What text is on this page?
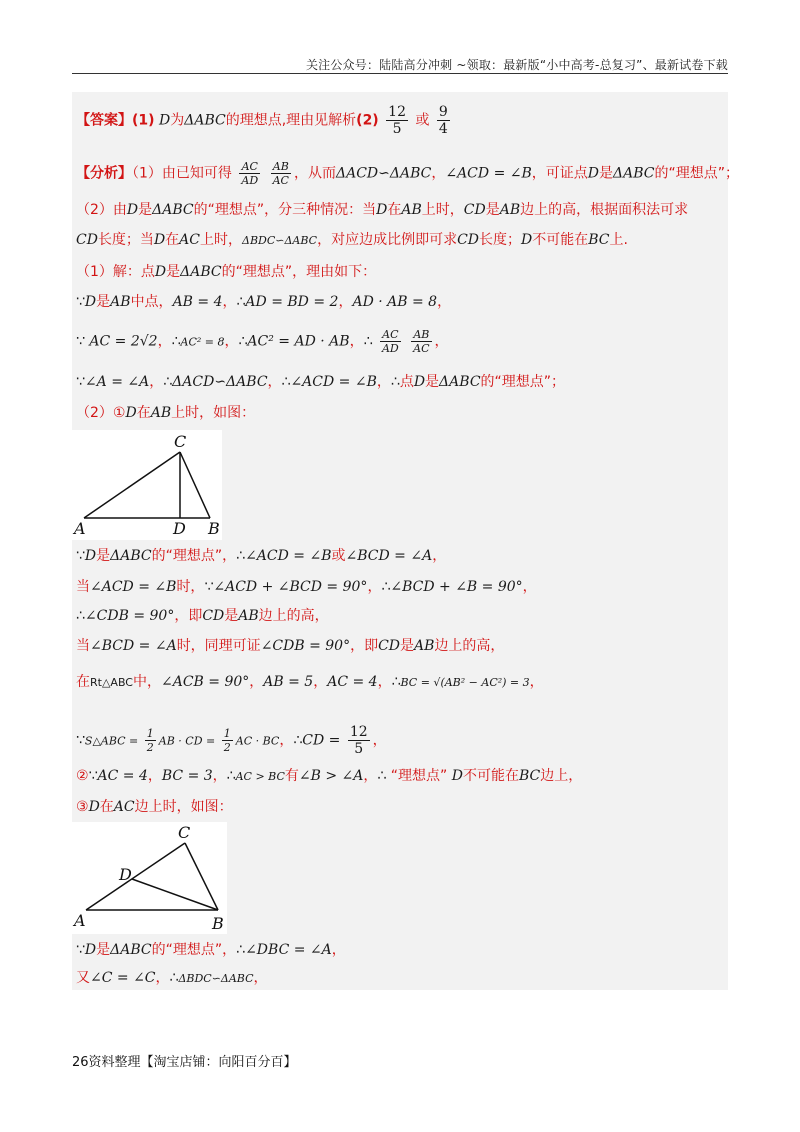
关注公众号：陆陆高分冲刺 ~领取：最新版“小中高考-总复习”、最新试卷下载
【答案】(1) D为ΔABC的理想点,理由见解析$(2) \frac{12}{5}$ 或 $\frac{9}{4}$
【分析】（1）由已知可得 $\frac{AC}{AD}$
$\frac{AB}{AC}$ ，从而ΔACD∽ΔABC，∠ACD = ∠B，可证点D是ΔABC的“理想点”；
（2）由D是ΔABC的“理想点”，分三种情况：当D在AB上时，CD是AB边上的高，根据面积法可求
CD长度；当D在AC上时，ΔBDC∽ΔABC，对应边成比例即可求CD长度；D不可能在BC上.
（1）解：点D是ΔABC的“理想点”，理由如下：
∵D是AB中点，AB = 4，∴AD = BD = 2，AD · AB = 8，
∵ AC = 2√2，∴AC² = 8，∴AC² = AD · AB，∴ $\frac{AC}{AD}$
$\frac{AB}{AC}$ ，
∵∠A = ∠A，∴ΔACD∽ΔABC，∴∠ACD = ∠B，∴点D是ΔABC的“理想点”；
（2）①D在AB上时，如图：
C
A	D B
∵D是ΔABC的“理想点”，∴∠ACD = ∠B或∠BCD = ∠A，
当∠ACD = ∠B时，∵∠ACD + ∠BCD = 90°，∴∠BCD + ∠B = 90°，
∴∠CDB = 90°，即CD是AB边上的高，
当∠BCD = ∠A时，同理可证∠CDB = 90°，即CD是AB边上的高，
在Rt△ABC中，∠ACB = 90°，AB = 5，AC = 4，∴BC = √(AB² − AC²) = 3，
∵S△ABC = $\frac{1}{2}$ AB · CD = $\frac{1}{2}$ AC · BC，∴CD = $\frac{12}{5}$ ，
②∵AC = 4，BC = 3，∴AC > BC有∠B > ∠A，∴ “理想点” D不可能在BC边上，
③D在AC边上时，如图：
C
D
A	B
∵D是ΔABC的“理想点”，∴∠DBC = ∠A，
又∠C = ∠C，∴ΔBDC∽ΔABC，
26资料整理【淘宝店铺：向阳百分百】
